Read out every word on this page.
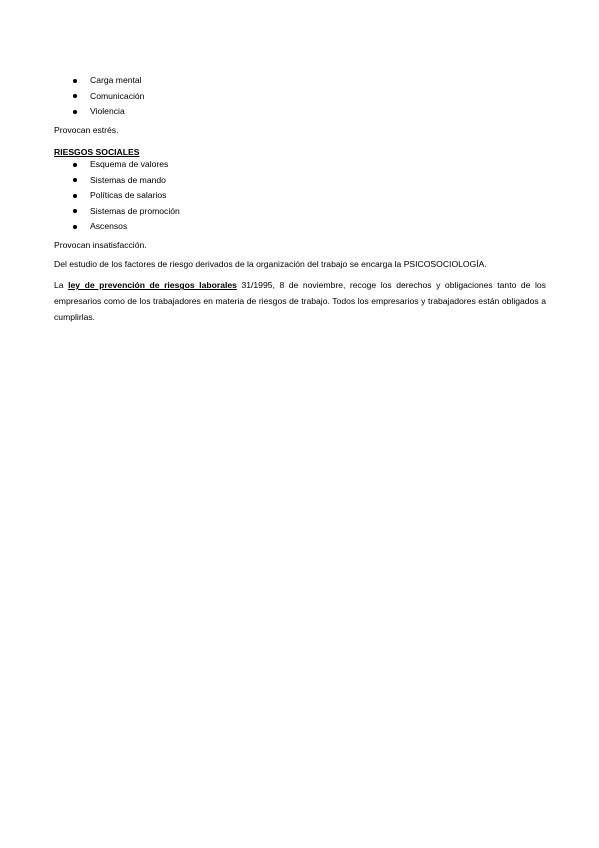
Carga mental
Comunicación
Violencia

Provocan estrés.

RIESGOS SOCIALES
Esquema de valores
Sistemas de mando
Políticas de salarios
Sistemas de promoción
Ascensos

Provocan insatisfacción.

Del estudio de los factores de riesgo derivados de la organización del trabajo se encarga la PSICOSOCIOLOGÍA.

La ley de prevención de riesgos laborales 31/1995, 8 de noviembre, recoge los derechos y obligaciones tanto de los empresarios como de los trabajadores en materia de riesgos de trabajo. Todos los empresarios y trabajadores están obligados a cumplirlas.
